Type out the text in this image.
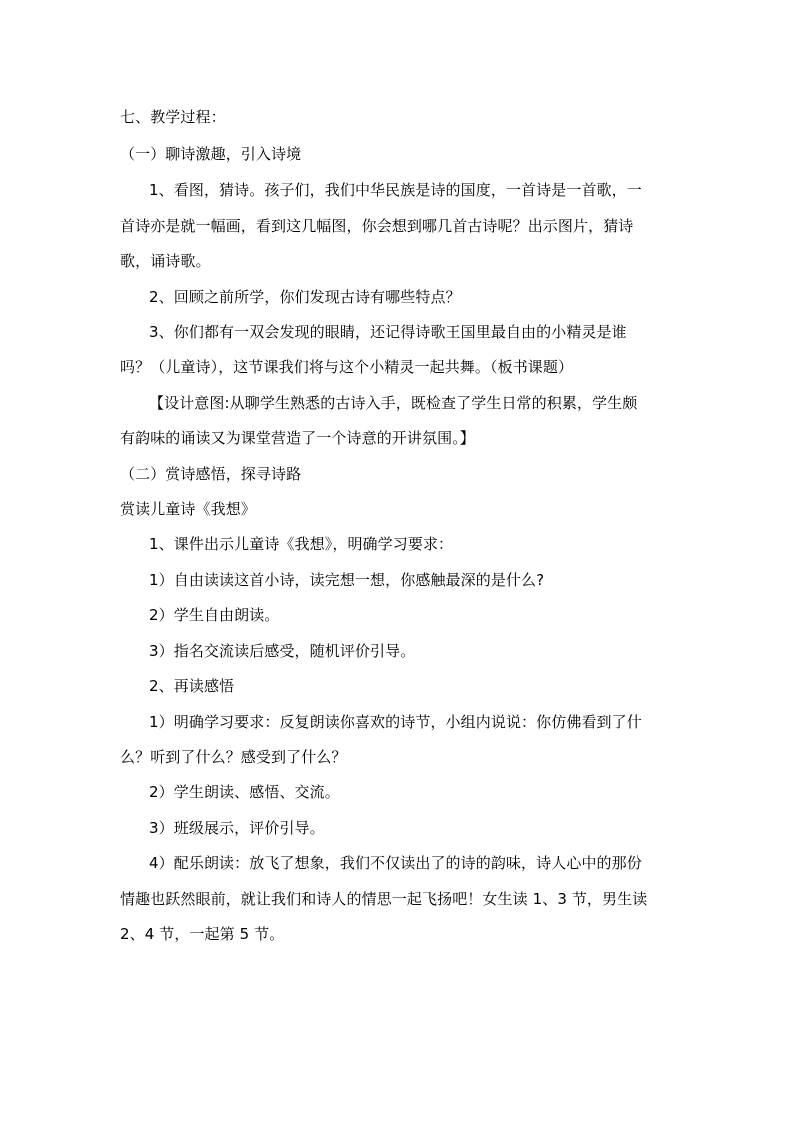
七、教学过程：
（一）聊诗激趣，引入诗境
1、看图，猜诗。孩子们，我们中华民族是诗的国度，一首诗是一首歌，一
首诗亦是就一幅画，看到这几幅图，你会想到哪几首古诗呢？出示图片，猜诗
歌，诵诗歌。
2、回顾之前所学，你们发现古诗有哪些特点？
3、你们都有一双会发现的眼睛，还记得诗歌王国里最自由的小精灵是谁
吗？（儿童诗），这节课我们将与这个小精灵一起共舞。（板书课题）
【设计意图:从聊学生熟悉的古诗入手，既检查了学生日常的积累，学生颇
有韵味的诵读又为课堂营造了一个诗意的开讲氛围。】
（二）赏诗感悟，探寻诗路
赏读儿童诗《我想》
1、课件出示儿童诗《我想》，明确学习要求：
1）自由读读这首小诗，读完想一想，你感触最深的是什么?
2）学生自由朗读。
3）指名交流读后感受，随机评价引导。
2、再读感悟
1）明确学习要求：反复朗读你喜欢的诗节，小组内说说：你仿佛看到了什
么？听到了什么？感受到了什么？
2）学生朗读、感悟、交流。
3）班级展示，评价引导。
4）配乐朗读：放飞了想象，我们不仅读出了的诗的韵味，诗人心中的那份
情趣也跃然眼前，就让我们和诗人的情思一起飞扬吧！女生读 1、3 节，男生读
2、4 节，一起第 5 节。
